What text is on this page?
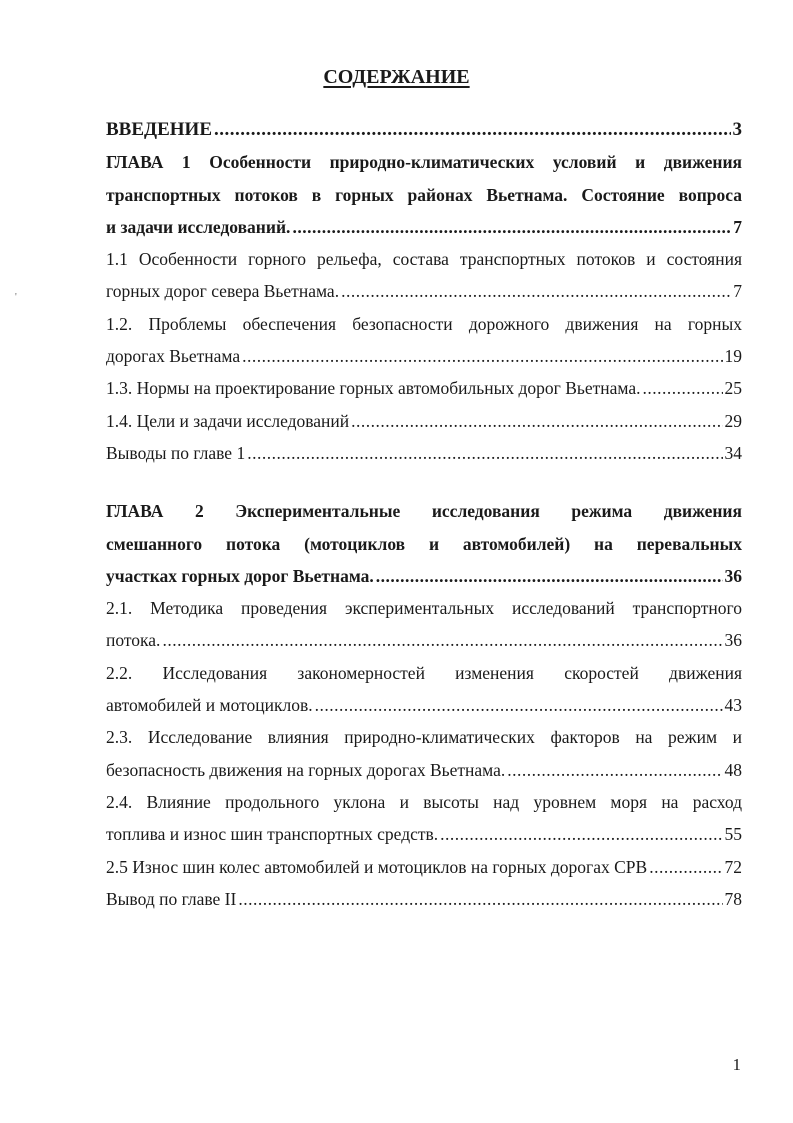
СОДЕРЖАНИЕ
ВВЕДЕНИЕ .....	3
ГЛАВА 1 Особенности природно-климатических условий и движения
транспортных потоков в горных районах Вьетнама. Состояние вопроса
и задачи исследований. .....	7
1.1 Особенности горного рельефа, состава транспортных потоков и состояния
горных дорог севера Вьетнама. .....	7
1.2. Проблемы обеспечения безопасности дорожного движения на горных
дорогах Вьетнама .....	19
1.3. Нормы на проектирование горных автомобильных дорог Вьетнама. .....	25
1.4. Цели и задачи исследований .....	29
Выводы по главе 1 .....	34
ГЛАВА 2 Экспериментальные исследования режима движения
смешанного потока (мотоциклов и автомобилей) на перевальных
участках горных дорог Вьетнама. .....	36
2.1. Методика проведения экспериментальных исследований транспортного
потока. .....	36
2.2. Исследования закономерностей изменения скоростей движения
автомобилей и мотоциклов. .....	43
2.3. Исследование влияния природно-климатических факторов на режим и
безопасность движения на горных дорогах Вьетнама. .....	48
2.4. Влияние продольного уклона и высоты над уровнем моря на расход
топлива и износ шин транспортных средств. .....	55
2.5 Износ шин колес автомобилей и мотоциклов на горных дорогах СРВ .....	72
Вывод по главе II .....	78
'
1
